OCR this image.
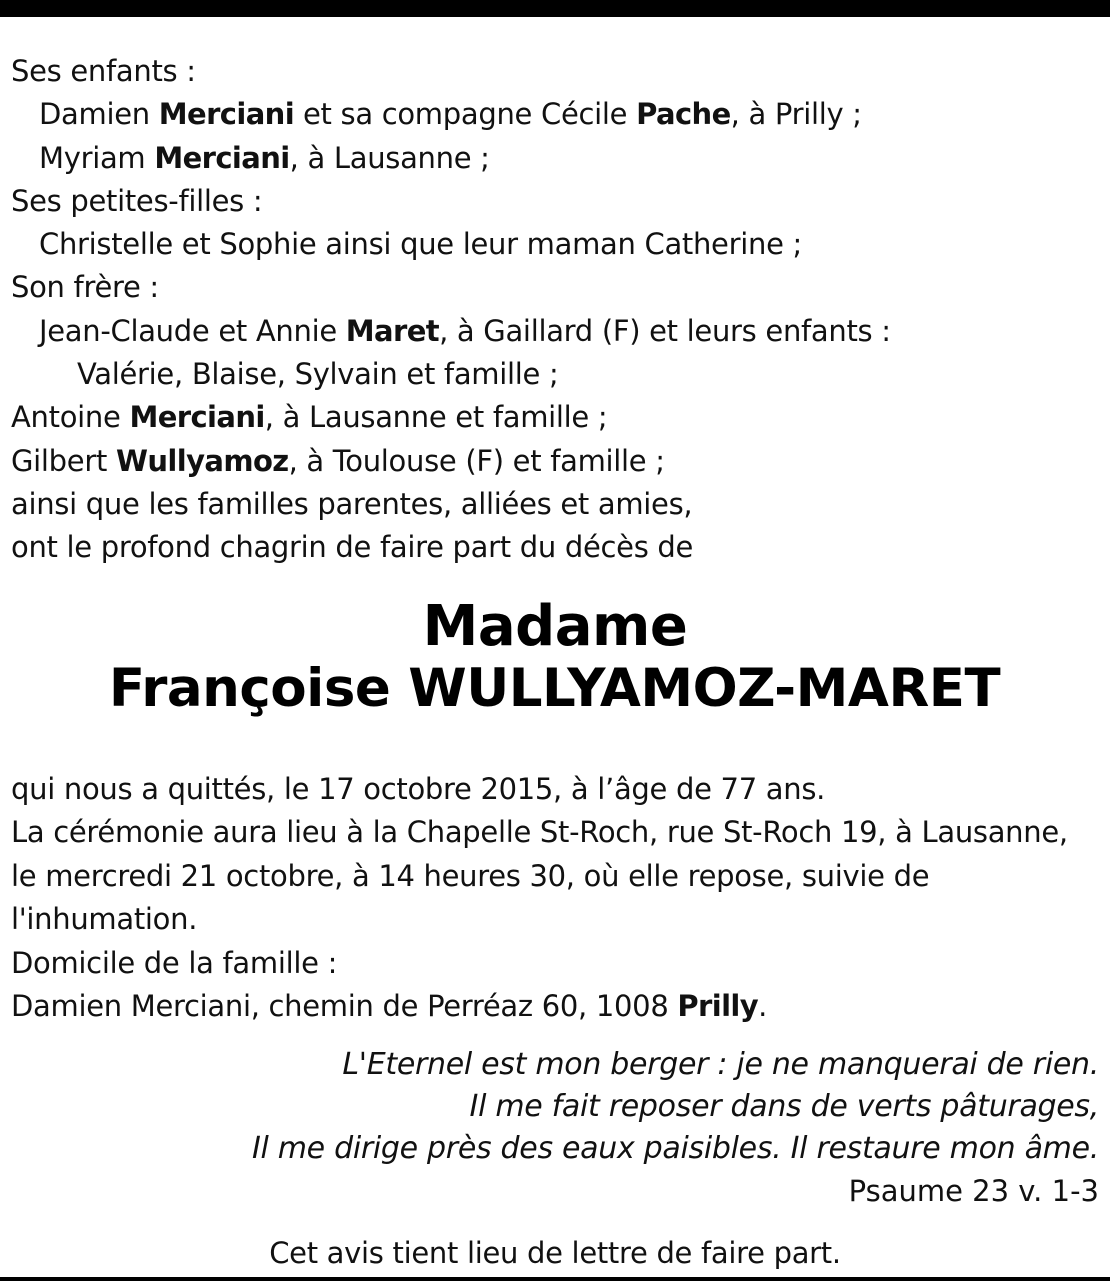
Ses enfants :
Damien Merciani et sa compagne Cécile Pache, à Prilly ;
Myriam Merciani, à Lausanne ;
Ses petites-filles :
Christelle et Sophie ainsi que leur maman Catherine ;
Son frère :
Jean-Claude et Annie Maret, à Gaillard (F) et leurs enfants :
Valérie, Blaise, Sylvain et famille ;
Antoine Merciani, à Lausanne et famille ;
Gilbert Wullyamoz, à Toulouse (F) et famille ;
ainsi que les familles parentes, alliées et amies,
ont le profond chagrin de faire part du décès de
Madame
Françoise WULLYAMOZ-MARET
qui nous a quittés, le 17 octobre 2015, à l’âge de 77 ans.
La cérémonie aura lieu à la Chapelle St-Roch, rue St-Roch 19, à Lausanne,
le mercredi 21 octobre, à 14 heures 30, où elle repose, suivie de
l'inhumation.
Domicile de la famille :
Damien Merciani, chemin de Perréaz 60, 1008 Prilly.
L'Eternel est mon berger : je ne manquerai de rien.
Il me fait reposer dans de verts pâturages,
Il me dirige près des eaux paisibles. Il restaure mon âme.
Psaume 23 v. 1-3
Cet avis tient lieu de lettre de faire part.
